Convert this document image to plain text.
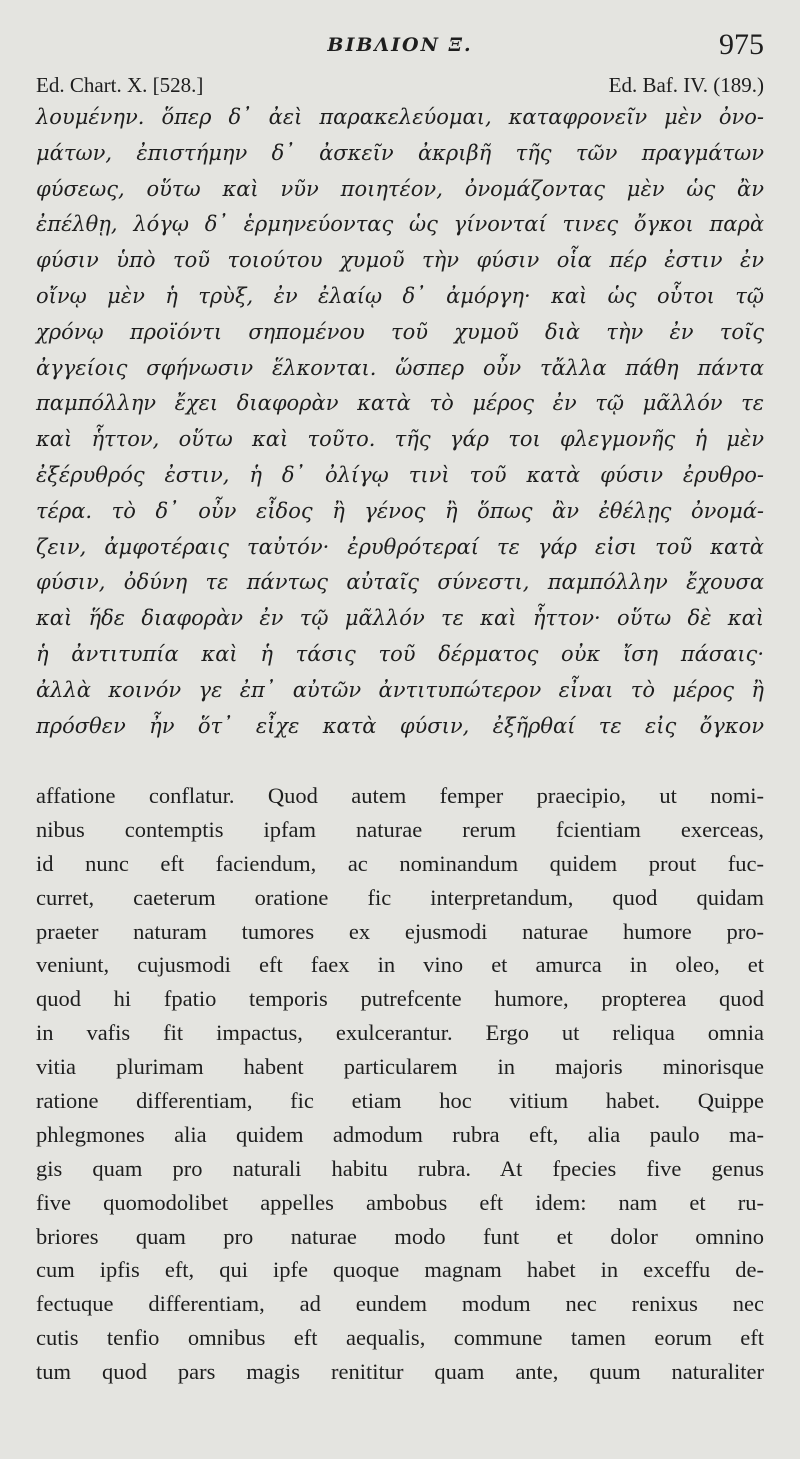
BIBΛΙΟΝ Ξ.	975
Ed. Chart. X. [528.]	Ed. Baf. IV. (189.)
λουμένην. ὅπερ δ᾽ ἀεὶ παρακελεύομαι, καταφρονεῖν μὲν ὀνο-
μάτων, ἐπιστήμην δ᾽ ἀσκεῖν ἀκριβῆ τῆς τῶν πραγμάτων
φύσεως, οὕτω καὶ νῦν ποιητέον, ὀνομάζοντας μὲν ὡς ἂν
ἐπέλθῃ, λόγῳ δ᾽ ἑρμηνεύοντας ὡς γίνονταί τινες ὄγκοι παρὰ
φύσιν ὑπὸ τοῦ τοιούτου χυμοῦ τὴν φύσιν οἷα πέρ ἐστιν ἐν
οἴνῳ μὲν ἡ τρὺξ, ἐν ἐλαίῳ δ᾽ ἀμόργη· καὶ ὡς οὗτοι τῷ
χρόνῳ προϊόντι σηπομένου τοῦ χυμοῦ διὰ τὴν ἐν τοῖς
ἀγγείοις σφήνωσιν ἕλκονται. ὥσπερ οὖν τἄλλα πάθη πάντα
παμπόλλην ἔχει διαφορὰν κατὰ τὸ μέρος ἐν τῷ μᾶλλόν τε
καὶ ἧττον, οὕτω καὶ τοῦτο. τῆς γάρ τοι φλεγμονῆς ἡ μὲν
ἐξέρυθρός ἐστιν, ἡ δ᾽ ὀλίγῳ τινὶ τοῦ κατὰ φύσιν ἐρυθρο-
τέρα. τὸ δ᾽ οὖν εἶδος ἢ γένος ἢ ὅπως ἂν ἐθέλῃς ὀνομά-
ζειν, ἀμφοτέραις ταὐτόν· ἐρυθρότεραί τε γάρ εἰσι τοῦ κατὰ
φύσιν, ὀδύνη τε πάντως αὐταῖς σύνεστι, παμπόλλην ἔχουσα
καὶ ἥδε διαφορὰν ἐν τῷ μᾶλλόν τε καὶ ἧττον· οὕτω δὲ καὶ
ἡ ἀντιτυπία καὶ ἡ τάσις τοῦ δέρματος οὐκ ἴση πάσαις·
ἀλλὰ κοινόν γε ἐπ᾽ αὐτῶν ἀντιτυπώτερον εἶναι τὸ μέρος ἢ
πρόσθεν ἦν ὅτ᾽ εἶχε κατὰ φύσιν, ἐξῆρθαί τε εἰς ὄγκον
affatione conflatur. Quod autem femper praecipio, ut nomi-
nibus contemptis ipfam naturae rerum fcientiam exerceas,
id nunc eft faciendum, ac nominandum quidem prout fuc-
curret, caeterum oratione fic interpretandum, quod quidam
praeter naturam tumores ex ejusmodi naturae humore pro-
veniunt, cujusmodi eft faex in vino et amurca in oleo, et
quod hi fpatio temporis putrefcente humore, propterea quod
in vafis fit impactus, exulcerantur. Ergo ut reliqua omnia
vitia plurimam habent particularem in majoris minorisque
ratione differentiam, fic etiam hoc vitium habet. Quippe
phlegmones alia quidem admodum rubra eft, alia paulo ma-
gis quam pro naturali habitu rubra. At fpecies five genus
five quomodolibet appelles ambobus eft idem: nam et ru-
briores quam pro naturae modo funt et dolor omnino
cum ipfis eft, qui ipfe quoque magnam habet in exceffu de-
fectuque differentiam, ad eundem modum nec renixus nec
cutis tenfio omnibus eft aequalis, commune tamen eorum eft
tum quod pars magis renititur quam ante, quum naturaliter
